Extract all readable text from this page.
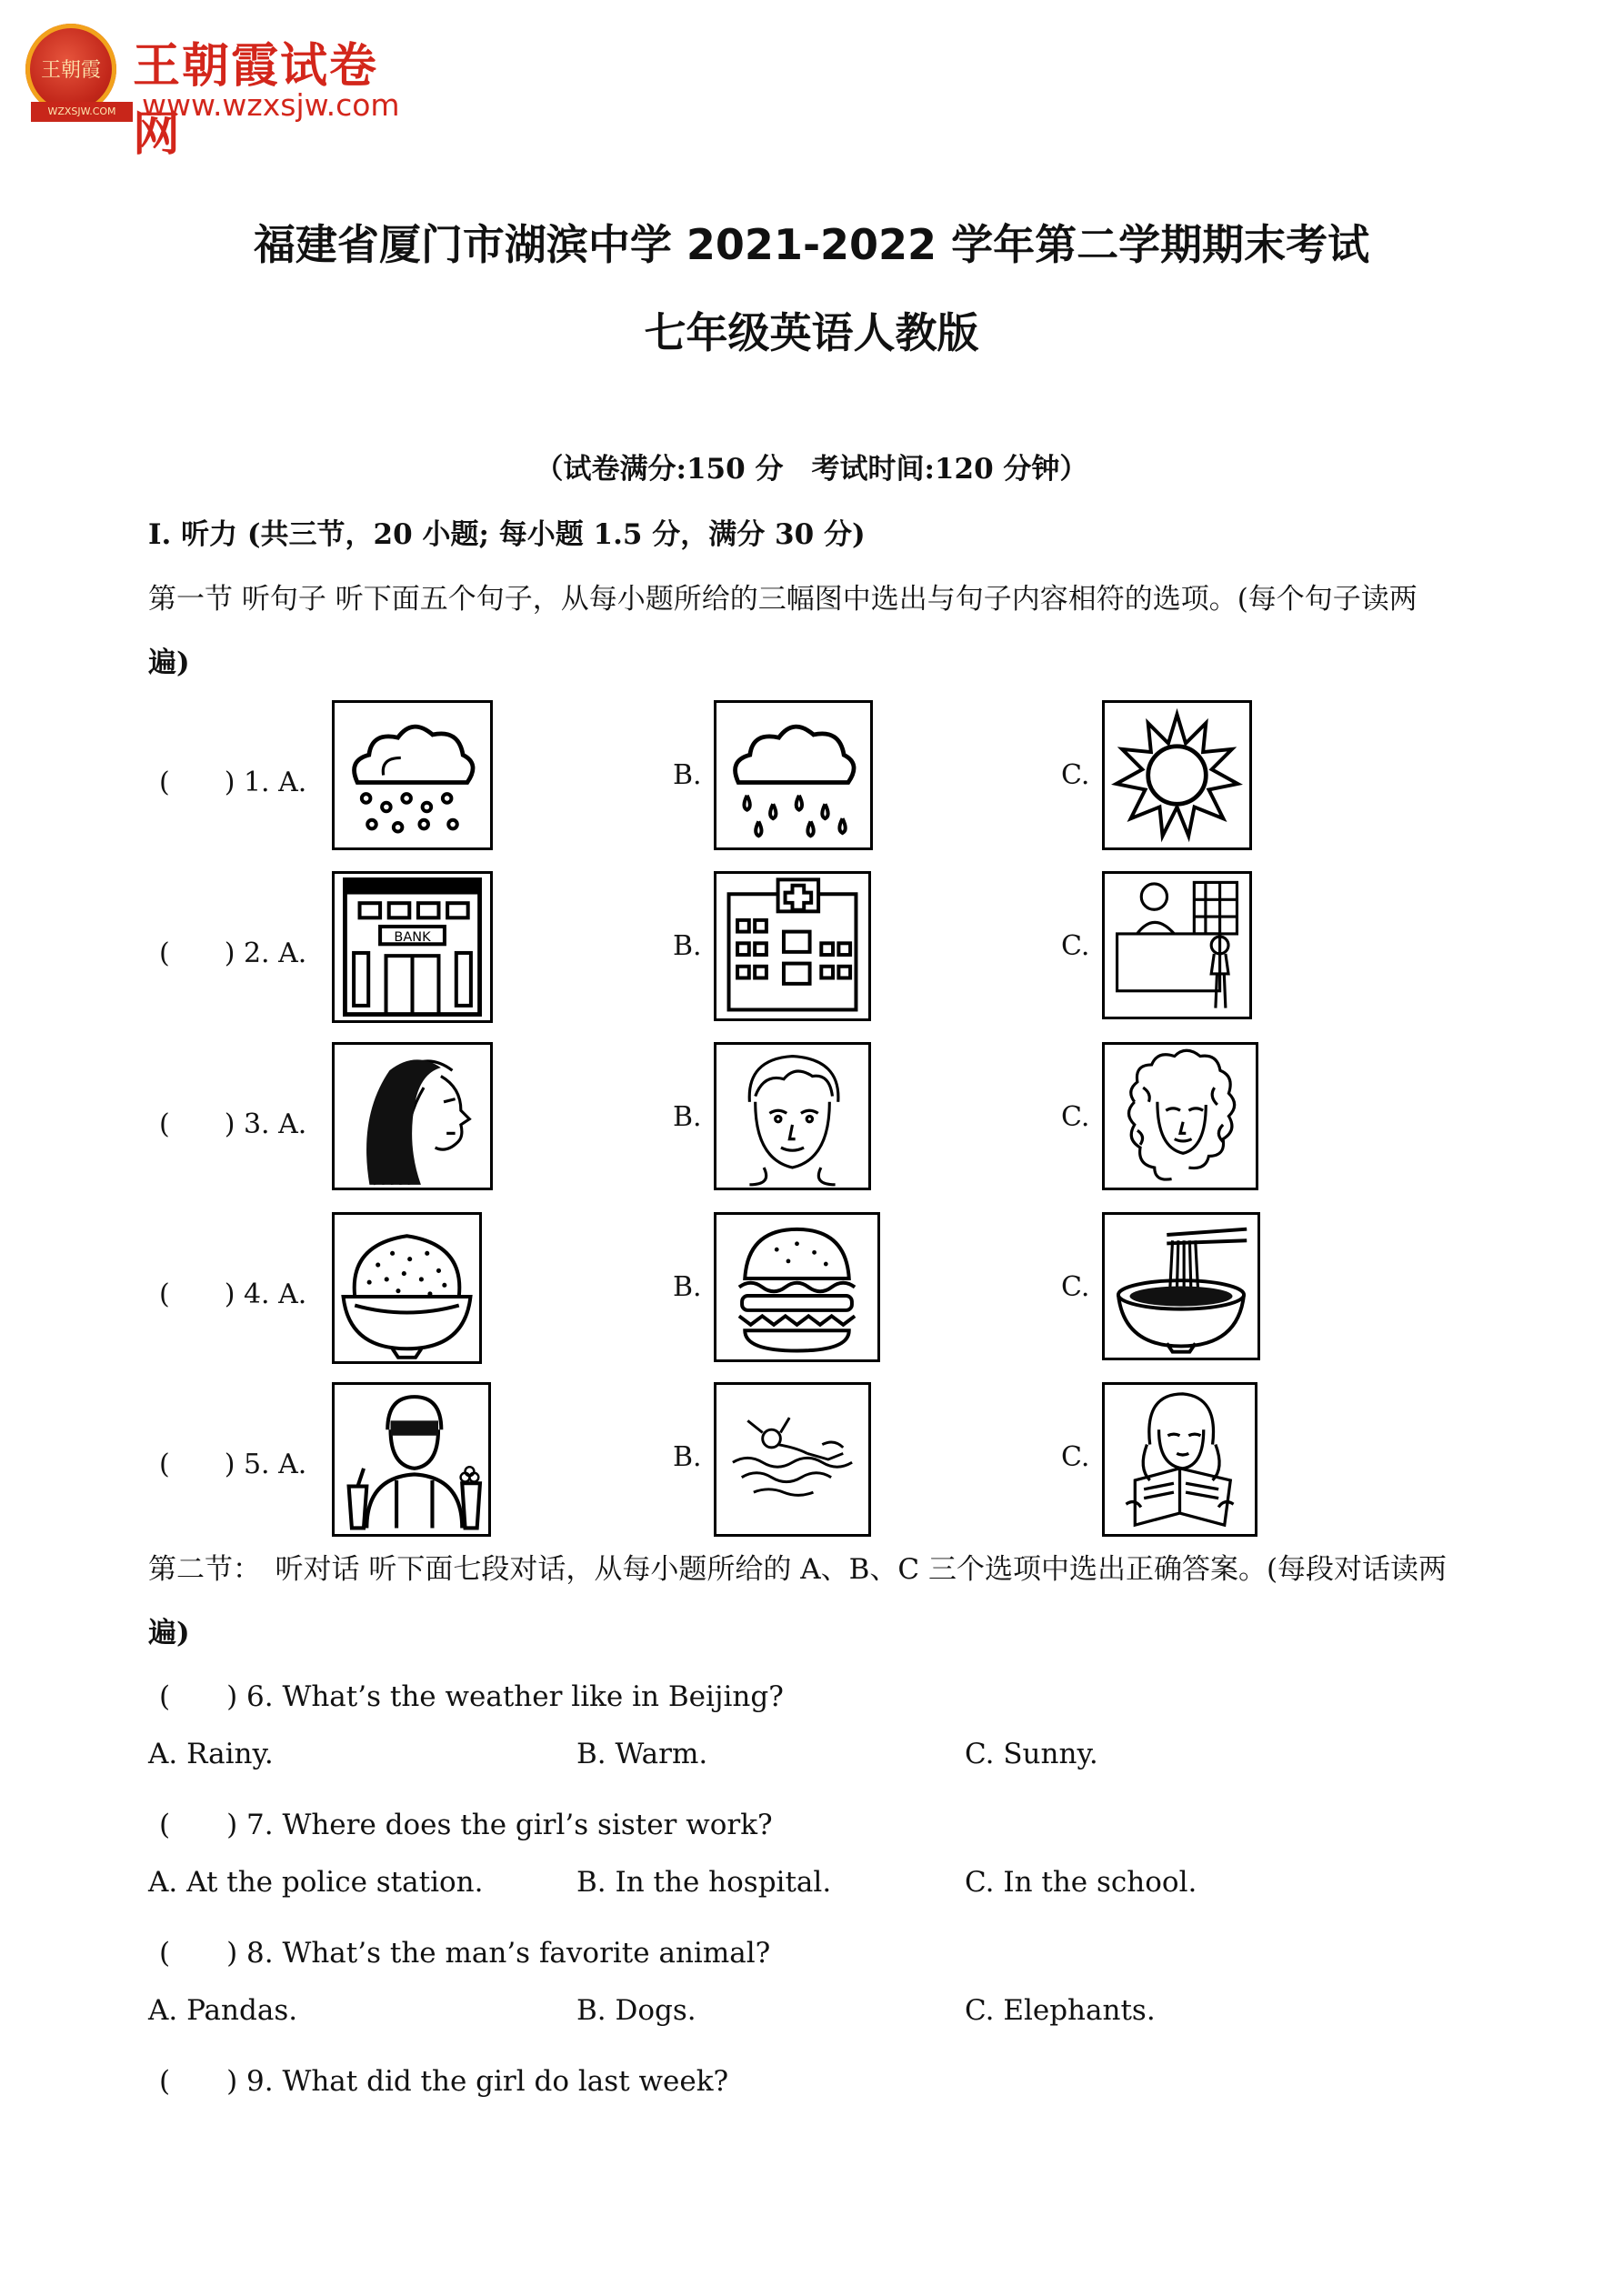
王朝霞
WZXSJW.COM
王朝霞试卷网
www.wzxsjw.com
福建省厦门市湖滨中学 2021-2022 学年第二学期期末考试
七年级英语人教版
（试卷满分:150 分　考试时间:120 分钟）
I. 听力 (共三节，20 小题; 每小题 1.5 分，满分 30 分)
第一节 听句子 听下面五个句子，从每小题所给的三幅图中选出与句子内容相符的选项。(每个句子读两
遍)
(　　) 1. A.	B.	C.
(　　) 2. A.	BANK	B.	C.
(　　) 3. A.	B.	C.
(　　) 4. A.	B.	C.
(　　) 5. A.	B.	C.
第二节：　听对话 听下面七段对话，从每小题所给的 A、B、C 三个选项中选出正确答案。(每段对话读两
遍)
(　　) 6. What’s the weather like in Beijing?
A. Rainy.	B. Warm.	C. Sunny.
(　　) 7. Where does the girl’s sister work?
A. At the police station.	B. In the hospital.	C. In the school.
(　　) 8. What’s the man’s favorite animal?
A. Pandas.	B. Dogs.	C. Elephants.
(　　) 9. What did the girl do last week?
